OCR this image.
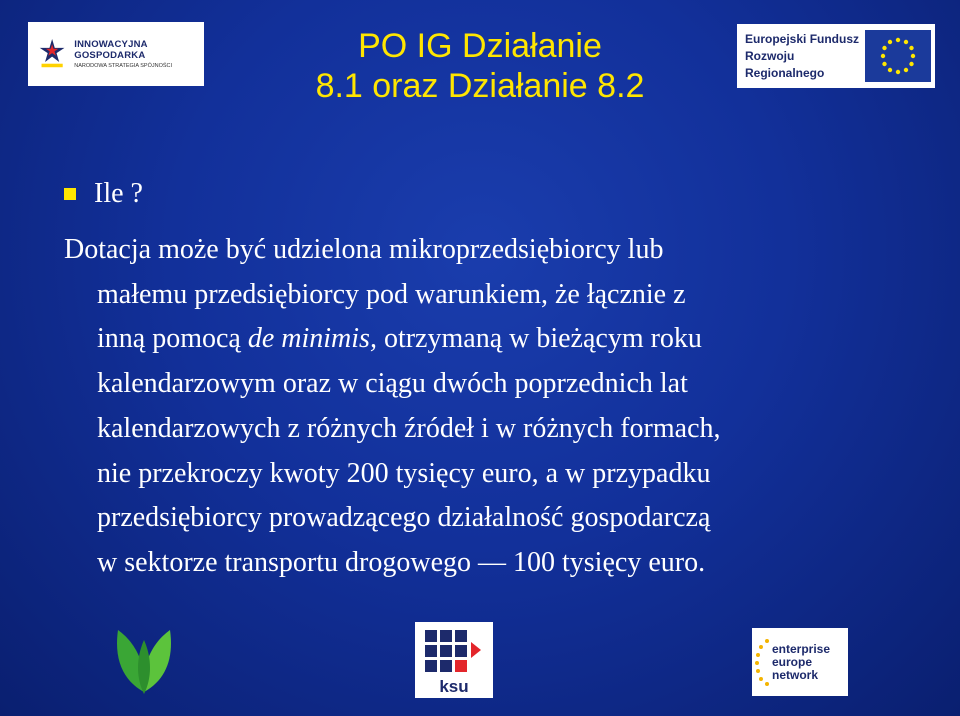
INNOWACYJNA GOSPODARKA
NARODOWA STRATEGIA SPÓJNOŚCI
PO IG Działanie
8.1 oraz Działanie 8.2
Europejski Fundusz
Rozwoju Regionalnego
Ile ?
Dotacja może być udzielona mikroprzedsiębiorcy lub
małemu przedsiębiorcy pod warunkiem, że łącznie z
inną pomocą de minimis, otrzymaną w bieżącym roku
kalendarzowym oraz w ciągu dwóch poprzednich lat
kalendarzowych z różnych źródeł i w różnych formach,
nie przekroczy kwoty 200 tysięcy euro, a w przypadku
przedsiębiorcy prowadzącego działalność gospodarczą
w sektorze transportu drogowego — 100 tysięcy euro.
ksu
enterprise
europe
network
